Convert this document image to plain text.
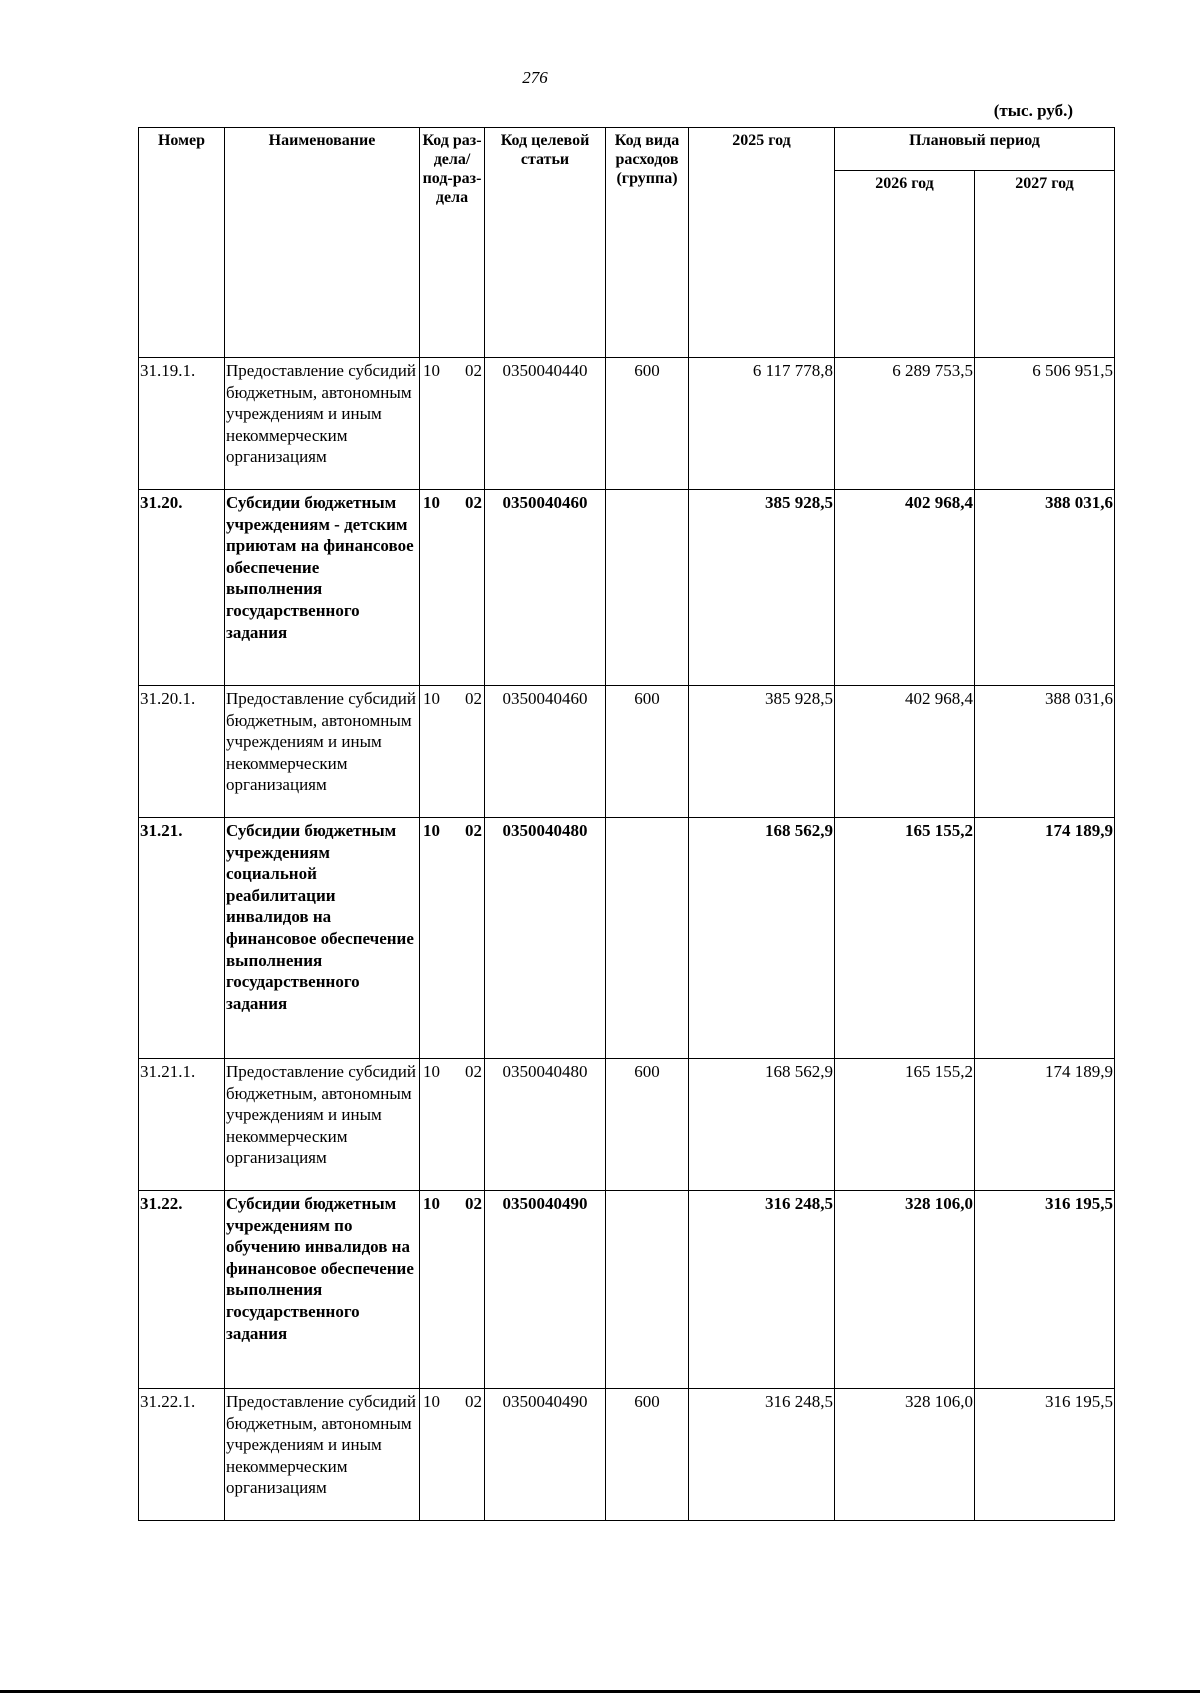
276
(тыс. руб.)
Номер	Наименование	Код раз-дела/ под-раз-дела	Код целевой статьи	Код вида расходов (группа)	2025 год	Плановый период	
						2026 год	2027 год
31.19.1.	Предоставление субсидий бюджетным, автономным учреждениям и иным некоммерческим организациям	10 02	0350040440	600	6 117 778,8	6 289 753,5	6 506 951,5
31.20.	Субсидии бюджетным учреждениям - детским приютам на финансовое обеспечение выполнения государственного задания	10 02	0350040460		385 928,5	402 968,4	388 031,6
31.20.1.	Предоставление субсидий бюджетным, автономным учреждениям и иным некоммерческим организациям	10 02	0350040460	600	385 928,5	402 968,4	388 031,6
31.21.	Субсидии бюджетным учреждениям социальной реабилитации инвалидов на финансовое обеспечение выполнения государственного задания	10 02	0350040480		168 562,9	165 155,2	174 189,9
31.21.1.	Предоставление субсидий бюджетным, автономным учреждениям и иным некоммерческим организациям	10 02	0350040480	600	168 562,9	165 155,2	174 189,9
31.22.	Субсидии бюджетным учреждениям по обучению инвалидов на финансовое обеспечение выполнения государственного задания	10 02	0350040490		316 248,5	328 106,0	316 195,5
31.22.1.	Предоставление субсидий бюджетным, автономным учреждениям и иным некоммерческим организациям	10 02	0350040490	600	316 248,5	328 106,0	316 195,5
